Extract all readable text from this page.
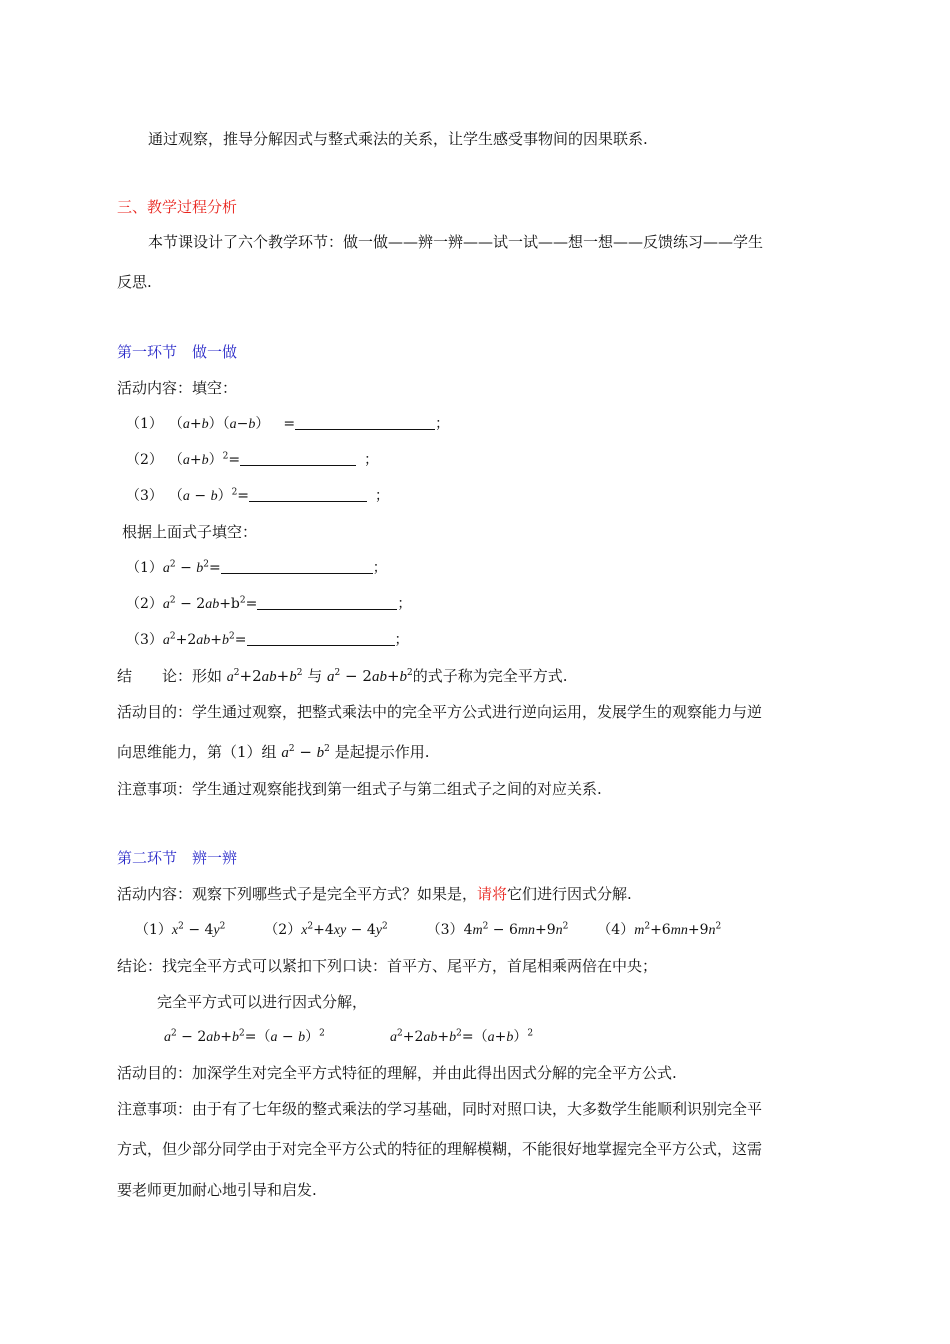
通过观察，推导分解因式与整式乘法的关系，让学生感受事物间的因果联系.
三、教学过程分析
本节课设计了六个教学环节：做一做——辨一辨——试一试——想一想——反馈练习——学生
反思.
第一环节　做一做
活动内容：填空：
（1） （a+b）（a−b） =	；
（2） $(a+b)^2=$	；
（3） $(a - b)^2=$	；
根据上面式子填空：
$(1)a^2 - b^2=$	；
$(2)a^2 - 2ab+b^2=$	；
$(3)a^2+2ab+b^2=$	；
结　　论：形如 $a^2+2ab+b^2$ 与 $a^2 - 2ab+b^2$的式子称为完全平方式.
活动目的：学生通过观察，把整式乘法中的完全平方公式进行逆向运用，发展学生的观察能力与逆
向思维能力，第（1）组 $a^2 - b^2$ 是起提示作用.
注意事项：学生通过观察能找到第一组式子与第二组式子之间的对应关系.
第二环节　辨一辨
活动内容：观察下列哪些式子是完全平方式？如果是，请将它们进行因式分解.
$(1)x^2 - 4y^2$	$(2)x^2+4xy - 4y^2$	$(3)4m^2 - 6mn+9n^2$ $(4)m^2+6mn+9n^2$
结论：找完全平方式可以紧扣下列口诀：首平方、尾平方，首尾相乘两倍在中央；
完全平方式可以进行因式分解，
$a^2 - 2ab+b^2=(a - b)^2$	$a^2+2ab+b^2=(a+b)^2$
活动目的：加深学生对完全平方式特征的理解，并由此得出因式分解的完全平方公式.
注意事项：由于有了七年级的整式乘法的学习基础，同时对照口诀，大多数学生能顺利识别完全平
方式，但少部分同学由于对完全平方公式的特征的理解模糊，不能很好地掌握完全平方公式，这需
要老师更加耐心地引导和启发.
